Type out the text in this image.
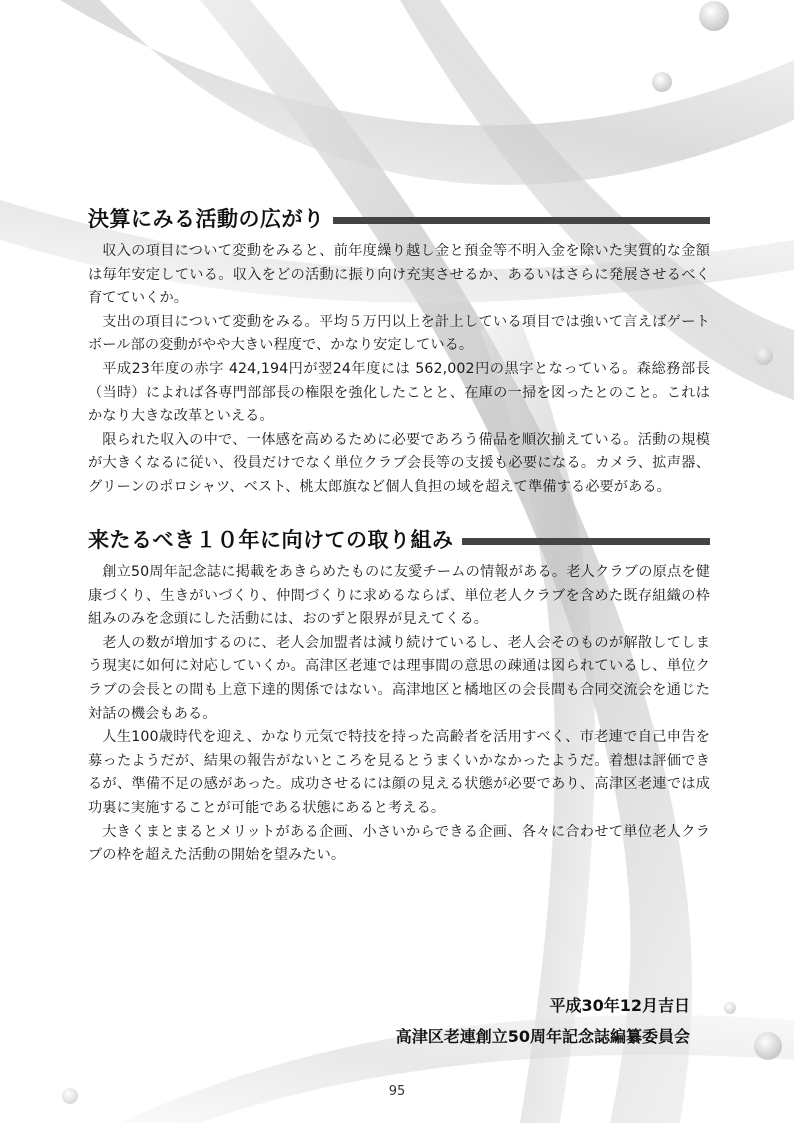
決算にみる活動の広がり

収入の項目について変動をみると、前年度繰り越し金と預金等不明入金を除いた実質的な金額は毎年安定している。収入をどの活動に振り向け充実させるか、あるいはさらに発展させるべく育てていくか。

支出の項目について変動をみる。平均５万円以上を計上している項目では強いて言えばゲートボール部の変動がやや大きい程度で、かなり安定している。

平成23年度の赤字 424,194円が翌24年度には 562,002円の黒字となっている。森総務部長（当時）によれば各専門部部長の権限を強化したことと、在庫の一掃を図ったとのこと。これはかなり大きな改革といえる。

限られた収入の中で、一体感を高めるために必要であろう備品を順次揃えている。活動の規模が大きくなるに従い、役員だけでなく単位クラブ会長等の支援も必要になる。カメラ、拡声器、グリーンのポロシャツ、ベスト、桃太郎旗など個人負担の域を超えて準備する必要がある。

来たるべき１０年に向けての取り組み

創立50周年記念誌に掲載をあきらめたものに友愛チームの情報がある。老人クラブの原点を健康づくり、生きがいづくり、仲間づくりに求めるならば、単位老人クラブを含めた既存組織の枠組みのみを念頭にした活動には、おのずと限界が見えてくる。

老人の数が増加するのに、老人会加盟者は減り続けているし、老人会そのものが解散してしまう現実に如何に対応していくか。高津区老連では理事間の意思の疎通は図られているし、単位クラブの会長との間も上意下達的関係ではない。高津地区と橘地区の会長間も合同交流会を通じた対話の機会もある。

人生100歳時代を迎え、かなり元気で特技を持った高齢者を活用すべく、市老連で自己申告を募ったようだが、結果の報告がないところを見るとうまくいかなかったようだ。着想は評価できるが、準備不足の感があった。成功させるには顔の見える状態が必要であり、高津区老連では成功裏に実施することが可能である状態にあると考える。

大きくまとまるとメリットがある企画、小さいからできる企画、各々に合わせて単位老人クラブの枠を超えた活動の開始を望みたい。

平成30年12月吉日
高津区老連創立50周年記念誌編纂委員会
95
